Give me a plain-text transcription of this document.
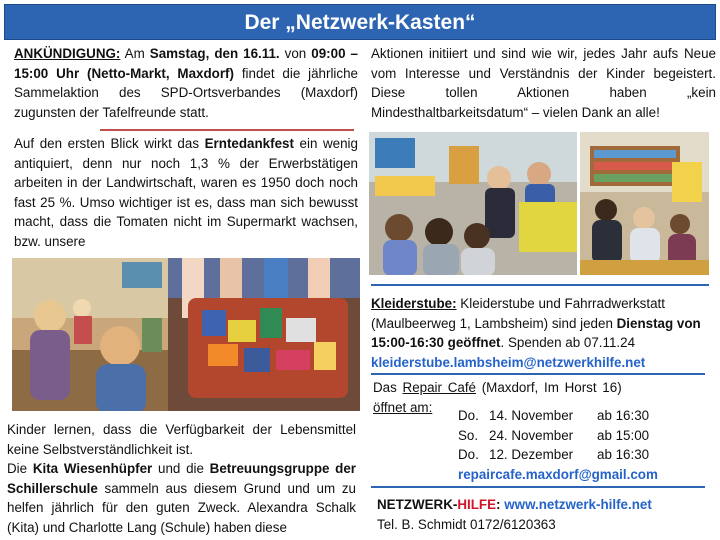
Der „Netzwerk-Kasten“
ANKÜNDIGUNG: Am Samstag, den 16.11. von 09:00 – 15:00 Uhr (Netto-Markt, Maxdorf) findet die jährliche Sammelaktion des SPD-Ortsverbandes (Maxdorf) zugunsten der Tafelfreunde statt.
Auf den ersten Blick wirkt das Erntedankfest ein wenig antiquiert, denn nur noch 1,3 % der Erwerbstätigen arbeiten in der Landwirtschaft, waren es 1950 doch noch fast 25 %. Umso wichtiger ist es, dass man sich bewusst macht, dass die Tomaten nicht im Supermarkt wachsen, bzw. unsere
Kinder lernen, dass die Verfügbarkeit der Lebensmittel keine Selbstverständlichkeit ist.
Die Kita Wiesenhüpfer und die Betreuungsgruppe der Schillerschule sammeln aus diesem Grund und um zu helfen jährlich für den guten Zweck. Alexandra Schalk (Kita) und Charlotte Lang (Schule) haben diese
Aktionen initiiert und sind wie wir, jedes Jahr aufs Neue vom Interesse und Verständnis der Kinder begeistert. Diese tollen Aktionen haben „kein Mindesthaltbarkeitsdatum“ – vielen Dank an alle!
Kleiderstube: Kleiderstube und Fahrradwerkstatt (Maulbeerweg 1, Lambsheim) sind jeden Dienstag von 15:00-16:30 geöffnet. Spenden ab 07.11.24
kleiderstube.lambsheim@netzwerkhilfe.net
Das Repair Café (Maxdorf, Im Horst 16)
öffnet am:
Do. 14. November ab 16:30
So. 24. November ab 15:00
Do. 12. Dezember ab 16:30
repaircafe.maxdorf@gmail.com
NETZWERK-HILFE: www.netzwerk-hilfe.net
Tel. B. Schmidt 0172/6120363
